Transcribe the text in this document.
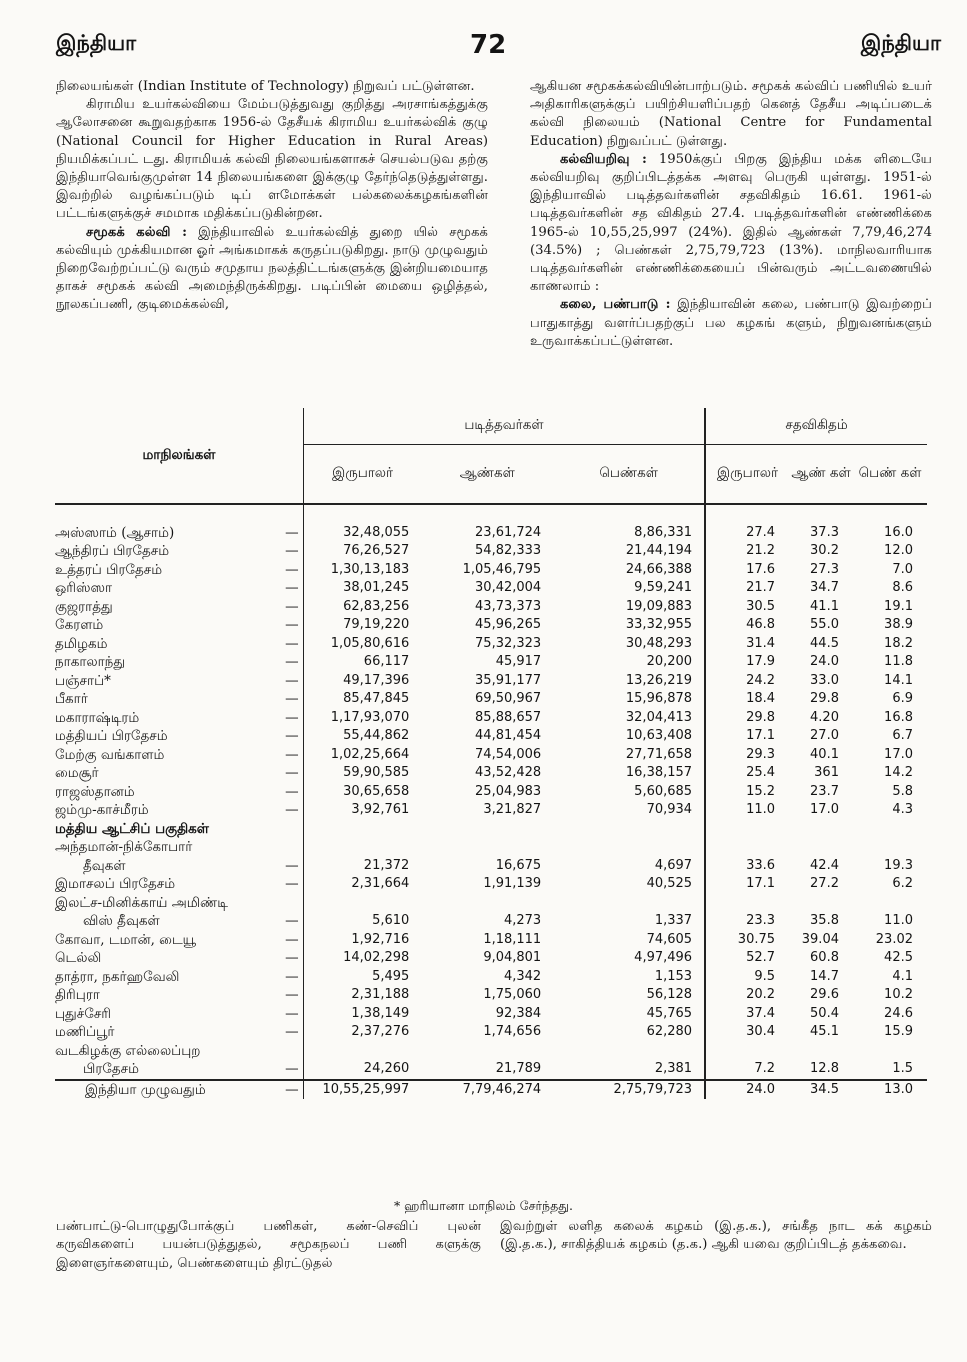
இந்தியா	72	இந்தியா

நிலையங்கள் (Indian Institute of Technology) நிறுவப் பட்டுள்ளன.

கிராமிய உயர்கல்வியை மேம்படுத்துவது குறித்து அரசாங்கத்துக்கு ஆலோசனை கூறுவதற்காக 1956-ல் தேசீயக் கிராமிய உயர்கல்விக் குழு (National Council for Higher Education in Rural Areas) நியமிக்கப்பட் டது. கிராமியக் கல்வி நிலையங்களாகச் செயல்படுவ தற்கு இந்தியாவெங்குமுள்ள 14 நிலையங்களை இக்குழு தேர்ந்தெடுத்துள்ளது. இவற்றில் வழங்கப்படும் டிப் ளமோக்கள் பல்கலைக்கழகங்களின் பட்டங்களுக்குச் சமமாக மதிக்கப்படுகின்றன.

சமூகக் கல்வி : இந்தியாவில் உயர்கல்வித் துறை யில் சமூகக் கல்வியும் முக்கியமான ஓர் அங்கமாகக் கருதப்படுகிறது. நாடு முழுவதும் நிறைவேற்றப்பட்டு வரும் சமுதாய நலத்திட்டங்களுக்கு இன்றியமையாத தாகச் சமூகக் கல்வி அமைந்திருக்கிறது. படிப்பின் மையை ஒழித்தல், நூலகப்பணி, குடிமைக்கல்வி,

ஆகியன சமூகக்கல்வியின்பாற்படும். சமூகக் கல்விப் பணியில் உயர் அதிகாரிகளுக்குப் பயிற்சியளிப்பதற் கெனத் தேசீய அடிப்படைக் கல்வி நிலையம் (National Centre for Fundamental Education) நிறுவப்பட் டுள்ளது.

கல்வியறிவு : 1950க்குப் பிறகு இந்திய மக்க ளிடையே கல்வியறிவு குறிப்பிடத்தக்க அளவு பெருகி யுள்ளது. 1951-ல் இந்தியாவில் படித்தவர்களின் சதவிகிதம் 16.61. 1961-ல் படித்தவர்களின் சத விகிதம் 27.4. படித்தவர்களின் எண்ணிக்கை 1965-ல் 10,55,25,997 (24%). இதில் ஆண்கள் 7,79,46,274 (34.5%) ; பெண்கள் 2,75,79,723 (13%). மாநிலவாரியாக படித்தவர்களின் எண்ணிக்கையைப் பின்வரும் அட்டவணையில் காணலாம் :

கலை, பண்பாடு : இந்தியாவின் கலை, பண்பாடு இவற்றைப் பாதுகாத்து வளர்ப்பதற்குப் பல கழகங் களும், நிறுவனங்களும் உருவாக்கப்பட்டுள்ளன.

மாநிலங்கள்		படித்தவர்கள்			சதவிகிதம்		
		இருபாலர்	ஆண்கள்	பெண்கள்	இருபாலர்	ஆண் கள்	பெண் கள்

அஸ்ஸாம் (ஆசாம்)	—	32,48,055	23,61,724	8,86,331	27.4	37.3	16.0
ஆந்திரப் பிரதேசம்	—	76,26,527	54,82,333	21,44,194	21.2	30.2	12.0
உத்தரப் பிரதேசம்	—	1,30,13,183	1,05,46,795	24,66,388	17.6	27.3	7.0
ஒரிஸ்ஸா	—	38,01,245	30,42,004	9,59,241	21.7	34.7	8.6
குஜராத்து	—	62,83,256	43,73,373	19,09,883	30.5	41.1	19.1
கேரளம்	—	79,19,220	45,96,265	33,32,955	46.8	55.0	38.9
தமிழகம்	—	1,05,80,616	75,32,323	30,48,293	31.4	44.5	18.2
நாகாலாந்து	—	66,117	45,917	20,200	17.9	24.0	11.8
பஞ்சாப்*	—	49,17,396	35,91,177	13,26,219	24.2	33.0	14.1
பீகார்	—	85,47,845	69,50,967	15,96,878	18.4	29.8	6.9
மகாராஷ்டிரம்	—	1,17,93,070	85,88,657	32,04,413	29.8	4.20	16.8
மத்தியப் பிரதேசம்	—	55,44,862	44,81,454	10,63,408	17.1	27.0	6.7
மேற்கு வங்காளம்	—	1,02,25,664	74,54,006	27,71,658	29.3	40.1	17.0
மைசூர்	—	59,90,585	43,52,428	16,38,157	25.4	361	14.2
ராஜஸ்தானம்	—	30,65,658	25,04,983	5,60,685	15.2	23.7	5.8
ஜம்மு-காச்மீரம்	—	3,92,761	3,21,827	70,934	11.0	17.0	4.3
மத்திய ஆட்சிப் பகுதிகள்							
அந்தமான்-நிக்கோபார்							
தீவுகள்	—	21,372	16,675	4,697	33.6	42.4	19.3
இமாசலப் பிரதேசம்	—	2,31,664	1,91,139	40,525	17.1	27.2	6.2
இலட்ச-மினிக்காய் அமிண்டி							
விஸ் தீவுகள்	—	5,610	4,273	1,337	23.3	35.8	11.0
கோவா, டமான், டையூ	—	1,92,716	1,18,111	74,605	30.75	39.04	23.02
டெல்லி	—	14,02,298	9,04,801	4,97,496	52.7	60.8	42.5
தாத்ரா, நகர்ஹவேலி	—	5,495	4,342	1,153	9.5	14.7	4.1
திரிபுரா	—	2,31,188	1,75,060	56,128	20.2	29.6	10.2
புதுச்சேரி	—	1,38,149	92,384	45,765	37.4	50.4	24.6
மணிப்பூர்	—	2,37,276	1,74,656	62,280	30.4	45.1	15.9
வடகிழக்கு எல்லைப்புற							
பிரதேசம்	—	24,260	21,789	2,381	7.2	12.8	1.5
இந்தியா முழுவதும்	—	10,55,25,997	7,79,46,274	2,75,79,723	24.0	34.5	13.0
* ஹரியானா மாநிலம் சேர்ந்தது.
பண்பாட்டு-பொழுதுபோக்குப் பணிகள், கண்-செவிப் புலன் கருவிகளைப் பயன்படுத்துதல், சமூகநலப் பணி களுக்கு இளைஞர்களையும், பெண்களையும் திரட்டுதல்
இவற்றுள் லளித கலைக் கழகம் (இ.த.க.), சங்கீத நாட கக் கழகம் (இ.த.க.), சாகித்தியக் கழகம் (த.க.) ஆகி யவை குறிப்பிடத் தக்கவை.
